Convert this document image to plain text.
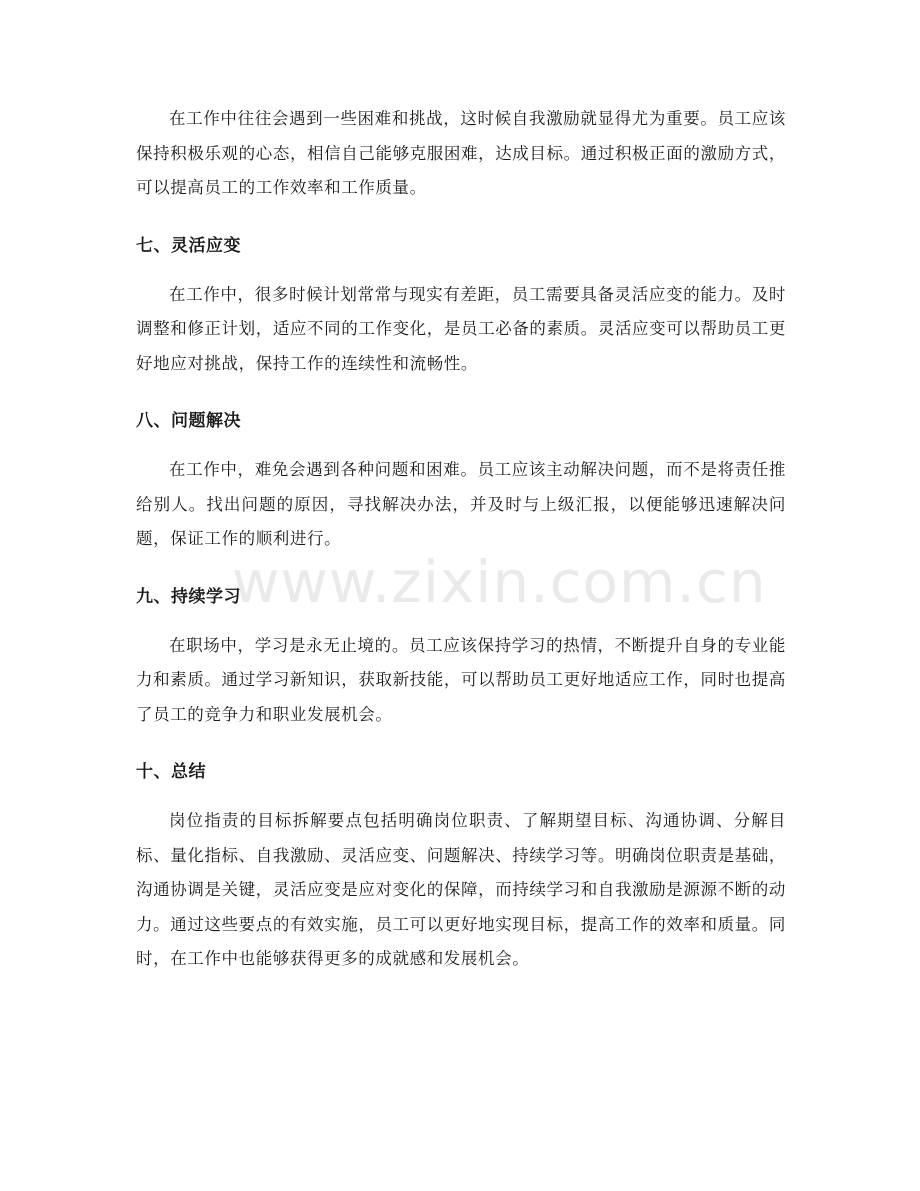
在工作中往往会遇到一些困难和挑战，这时候自我激励就显得尤为重要。员工应该保持积极乐观的心态，相信自己能够克服困难，达成目标。通过积极正面的激励方式，可以提高员工的工作效率和工作质量。

七、灵活应变

在工作中，很多时候计划常常与现实有差距，员工需要具备灵活应变的能力。及时调整和修正计划，适应不同的工作变化，是员工必备的素质。灵活应变可以帮助员工更好地应对挑战，保持工作的连续性和流畅性。

八、问题解决

在工作中，难免会遇到各种问题和困难。员工应该主动解决问题，而不是将责任推给别人。找出问题的原因，寻找解决办法，并及时与上级汇报，以便能够迅速解决问题，保证工作的顺利进行。

九、持续学习

在职场中，学习是永无止境的。员工应该保持学习的热情，不断提升自身的专业能力和素质。通过学习新知识，获取新技能，可以帮助员工更好地适应工作，同时也提高了员工的竞争力和职业发展机会。

十、总结

岗位指责的目标拆解要点包括明确岗位职责、了解期望目标、沟通协调、分解目标、量化指标、自我激励、灵活应变、问题解决、持续学习等。明确岗位职责是基础，沟通协调是关键，灵活应变是应对变化的保障，而持续学习和自我激励是源源不断的动力。通过这些要点的有效实施，员工可以更好地实现目标，提高工作的效率和质量。同时，在工作中也能够获得更多的成就感和发展机会。

www.zixin.com.cn
